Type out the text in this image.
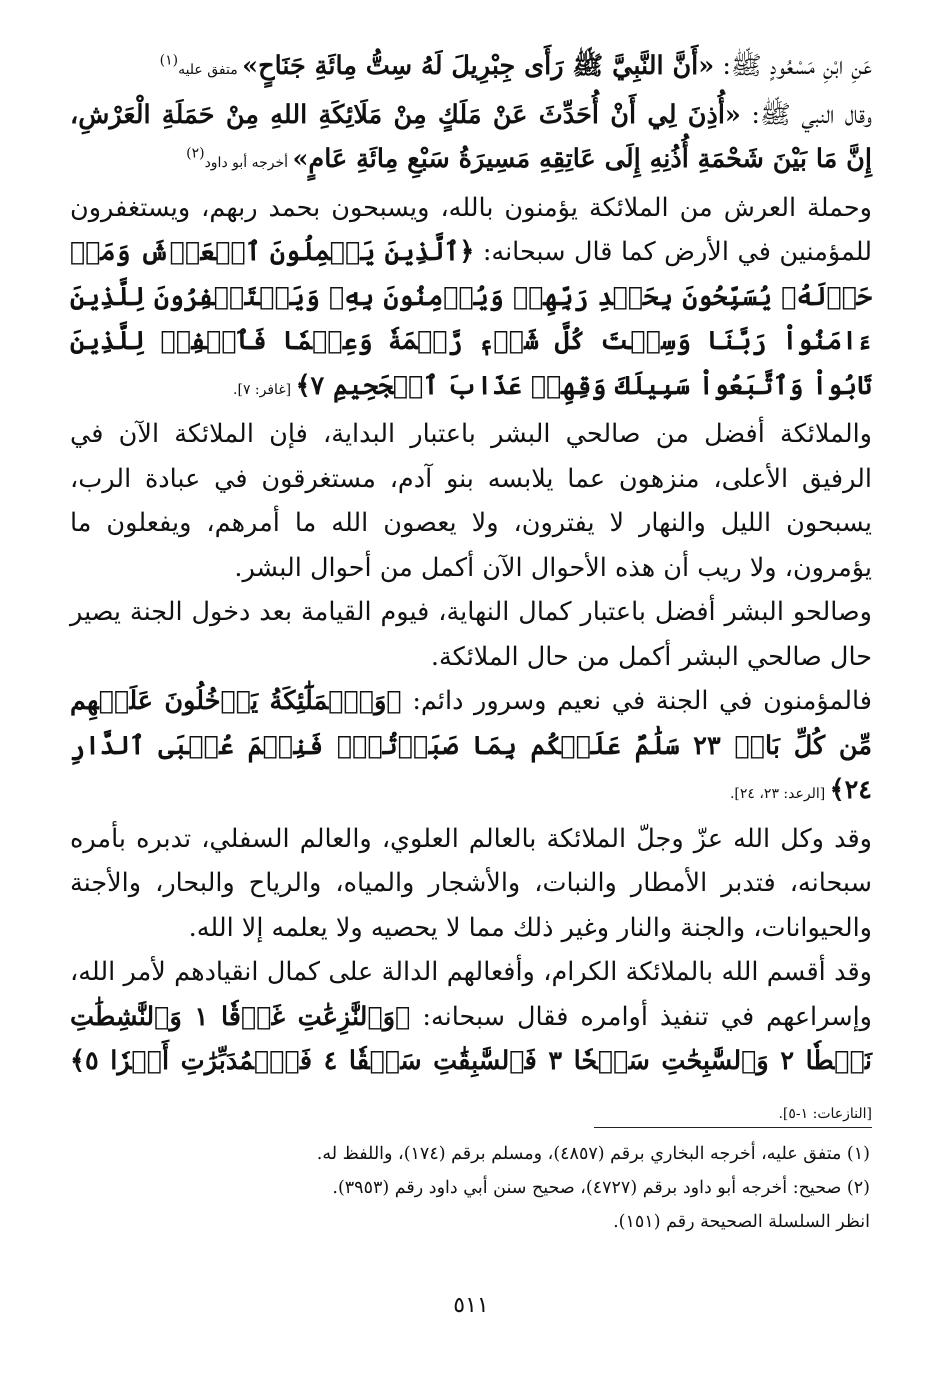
عَنِ ابْنِ مَسْعُودٍ ﷺ: «أَنَّ النَّبِيَّ ﷺ رَأَى جِبْرِيلَ لَهُ سِتُّ مِائَةِ جَنَاحٍ» متفق عليه$^{(١)}$

وقال النبي ﷺ: «أُذِنَ لِي أَنْ أُحَدِّثَ عَنْ مَلَكٍ مِنْ مَلَائِكَةِ اللهِ مِنْ حَمَلَةِ الْعَرْشِ، إِنَّ مَا بَيْنَ شَحْمَةِ أُذُنِهِ إِلَى عَاتِقِهِ مَسِيرَةُ سَبْعِ مِائَةِ عَامٍ» أخرجه أبو داود$^{(٢)}$

وحملة العرش من الملائكة يؤمنون بالله، ويسبحون بحمد ربهم، ويستغفرون للمؤمنين في الأرض كما قال سبحانه: ﴿ٱلَّذِينَ يَحۡمِلُونَ ٱلۡعَرۡشَ وَمَنۡ حَوۡلَهُۥ يُسَبِّحُونَ بِحَمۡدِ رَبِّهِمۡ وَيُؤۡمِنُونَ بِهِۦ وَيَسۡتَغۡفِرُونَ لِلَّذِينَ ءَامَنُواْ رَبَّنَا وَسِعۡتَ كُلَّ شَيۡءٖ رَّحۡمَةٗ وَعِلۡمٗا فَٱغۡفِرۡ لِلَّذِينَ تَابُواْ وَٱتَّبَعُواْ سَبِيلَكَ وَقِهِمۡ عَذَابَ ٱلۡجَحِيمِ ٧﴾ [غافر: ٧].

والملائكة أفضل من صالحي البشر باعتبار البداية، فإن الملائكة الآن في الرفيق الأعلى، منزهون عما يلابسه بنو آدم، مستغرقون في عبادة الرب، يسبحون الليل والنهار لا يفترون، ولا يعصون الله ما أمرهم، ويفعلون ما يؤمرون، ولا ريب أن هذه الأحوال الآن أكمل من أحوال البشر.

وصالحو البشر أفضل باعتبار كمال النهاية، فيوم القيامة بعد دخول الجنة يصير حال صالحي البشر أكمل من حال الملائكة.

فالمؤمنون في الجنة في نعيم وسرور دائم: ﴿وَٱلۡمَلَٰٓئِكَةُ يَدۡخُلُونَ عَلَيۡهِم مِّن كُلِّ بَابٖ ٢٣ سَلَٰمٌ عَلَيۡكُم بِمَا صَبَرۡتُمۡۚ فَنِعۡمَ عُقۡبَى ٱلدَّارِ ٢٤﴾ [الرعد: ٢٣، ٢٤].

وقد وكل الله عزّ وجلّ الملائكة بالعالم العلوي، والعالم السفلي، تدبره بأمره سبحانه، فتدبر الأمطار والنبات، والأشجار والمياه، والرياح والبحار، والأجنة والحيوانات، والجنة والنار وغير ذلك مما لا يحصيه ولا يعلمه إلا الله.

وقد أقسم الله بالملائكة الكرام، وأفعالهم الدالة على كمال انقيادهم لأمر الله، وإسراعهم في تنفيذ أوامره فقال سبحانه: ﴿وَٱلنَّٰزِعَٰتِ غَرۡقٗا ١ وَٱلنَّٰشِطَٰتِ نَشۡطٗا ٢ وَٱلسَّٰبِحَٰتِ سَبۡحٗا ٣ فَٱلسَّٰبِقَٰتِ سَبۡقٗا ٤ فَٱلۡمُدَبِّرَٰتِ أَمۡرٗا ٥﴾ [النازعات: ١-٥].

(١) متفق عليه، أخرجه البخاري برقم (٤٨٥٧)، ومسلم برقم (١٧٤)، واللفظ له.
(٢) صحيح: أخرجه أبو داود برقم (٤٧٢٧)، صحيح سنن أبي داود رقم (٣٩٥٣).
انظر السلسلة الصحيحة رقم (١٥١).
٥١١
